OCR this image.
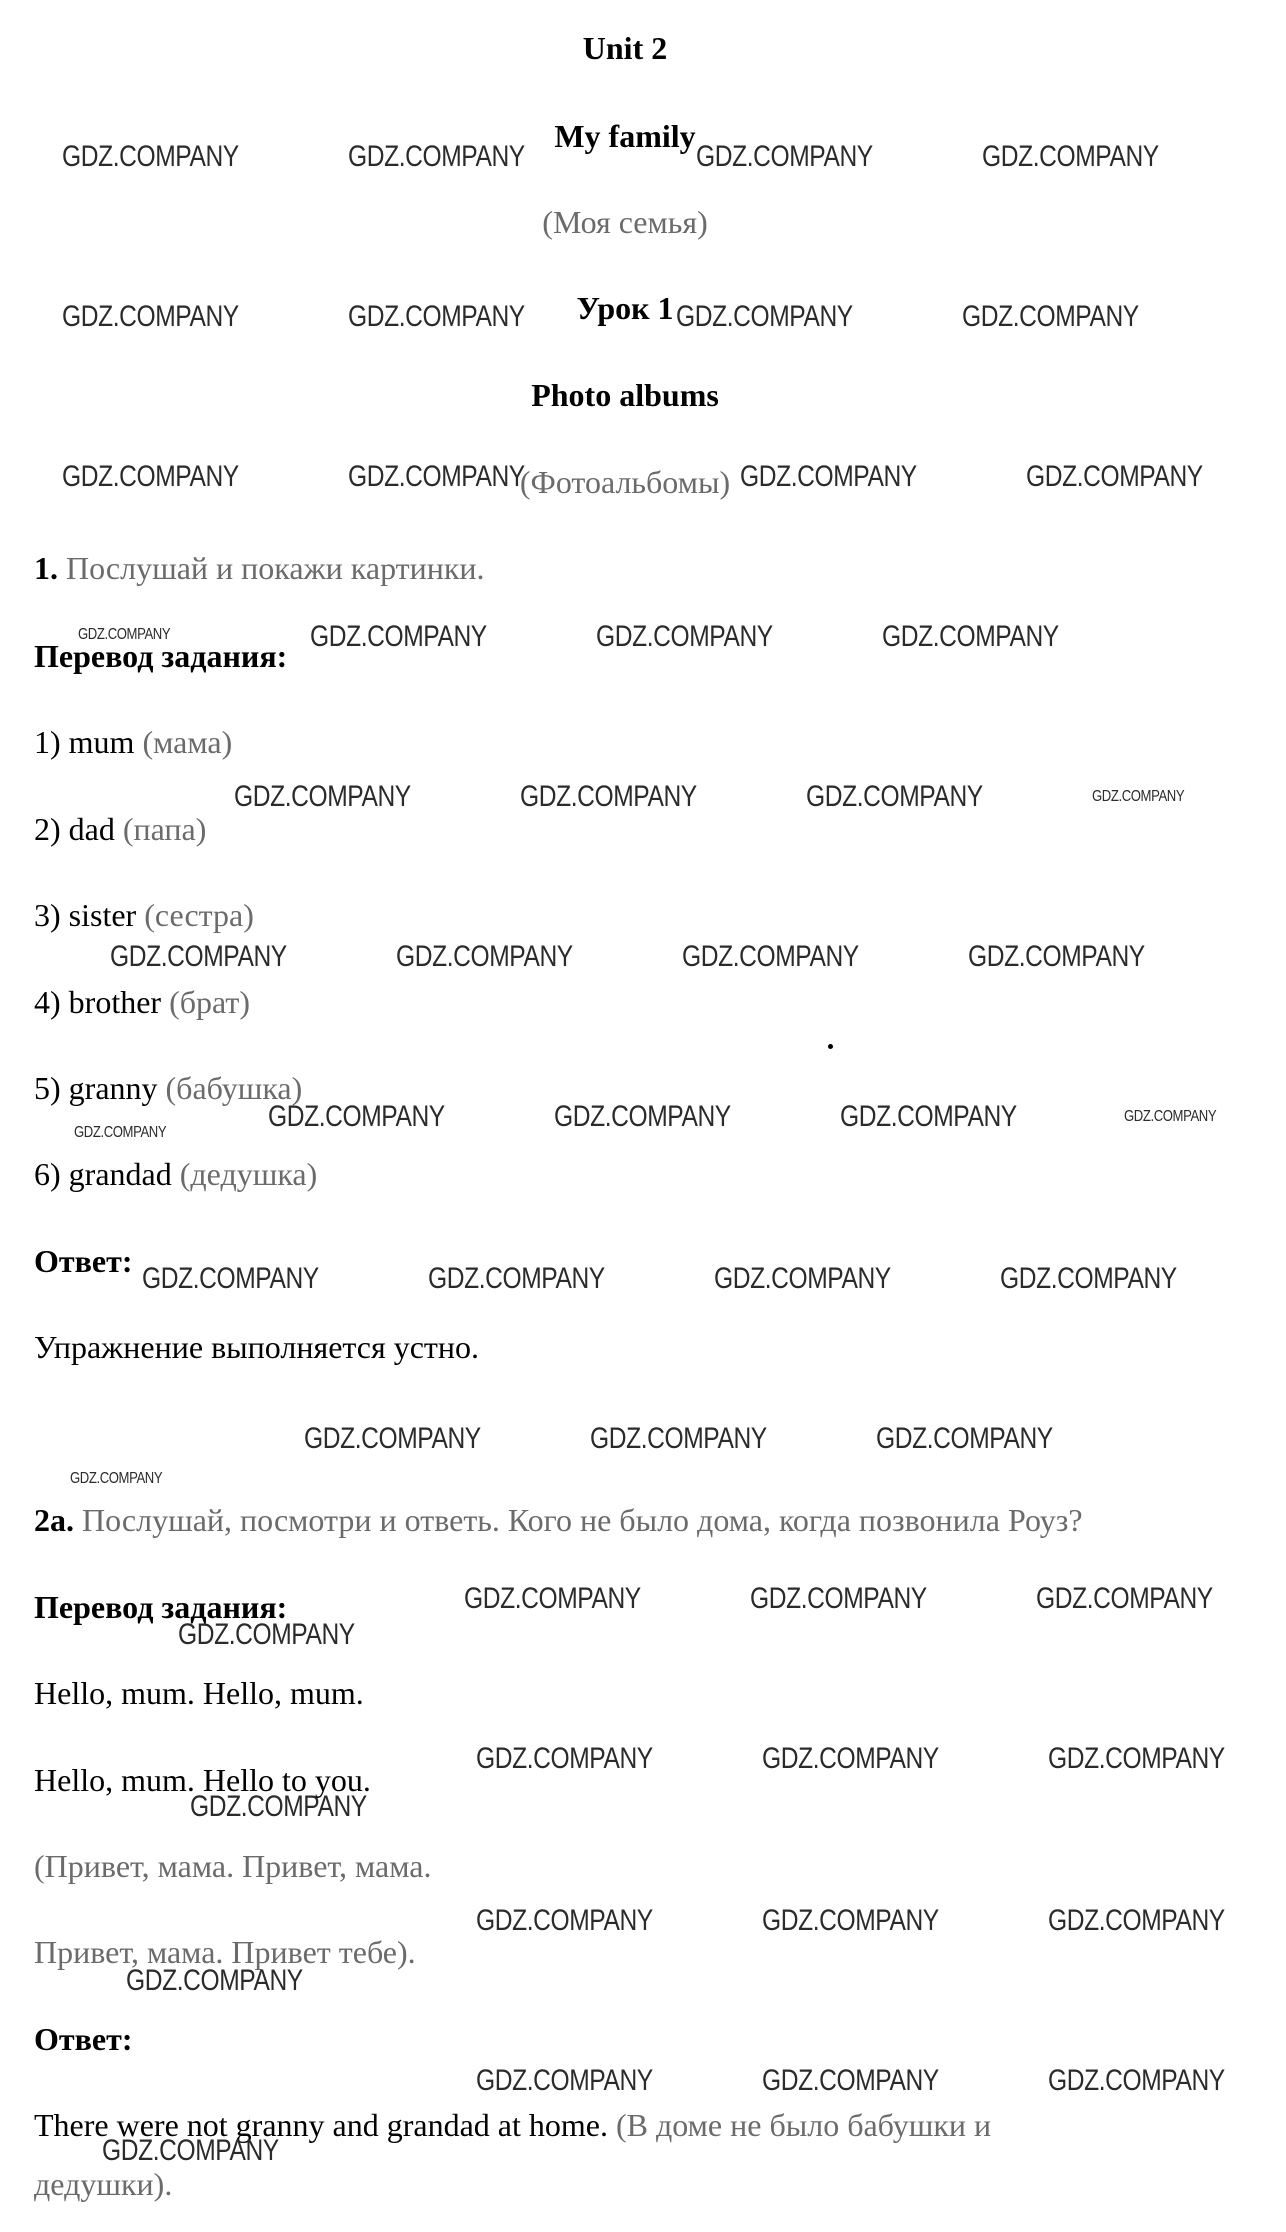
Unit 2
My family
(Моя семья)
Урок 1
Photo albums
(Фотоальбомы)
1. Послушай и покажи картинки.
Перевод задания:
1) mum (мама)
2) dad (папа)
3) sister (сестра)
4) brother (брат)
5) granny (бабушка)
6) grandad (дедушка)
Ответ:
Упражнение выполняется устно.
2a. Послушай, посмотри и ответь. Кого не было дома, когда позвонила Роуз?
Перевод задания:
Hello, mum. Hello, mum.
Hello, mum. Hello to you.
(Привет, мама. Привет, мама.
Привет, мама. Привет тебе).
Ответ:
There were not granny and grandad at home. (В доме не было бабушки и
дедушки).
GDZ.COMPANY	GDZ.COMPANY	GDZ.COMPANY	GDZ.COMPANY
GDZ.COMPANY	GDZ.COMPANY	GDZ.COMPANY	GDZ.COMPANY
GDZ.COMPANY	GDZ.COMPANY	GDZ.COMPANY	GDZ.COMPANY
GDZ.COMPANY	GDZ.COMPANY	GDZ.COMPANY	GDZ.COMPANY
GDZ.COMPANY	GDZ.COMPANY	GDZ.COMPANY	GDZ.COMPANY
GDZ.COMPANY	GDZ.COMPANY	GDZ.COMPANY	GDZ.COMPANY
GDZ.COMPANY	GDZ.COMPANY	GDZ.COMPANY	GDZ.COMPANY	GDZ.COMPANY
GDZ.COMPANY	GDZ.COMPANY	GDZ.COMPANY	GDZ.COMPANY
GDZ.COMPANY
GDZ.COMPANY	GDZ.COMPANY	GDZ.COMPANY
GDZ.COMPANY	GDZ.COMPANY	GDZ.COMPANY
GDZ.COMPANY
GDZ.COMPANY	GDZ.COMPANY	GDZ.COMPANY
GDZ.COMPANY
GDZ.COMPANY	GDZ.COMPANY	GDZ.COMPANY
GDZ.COMPANY
GDZ.COMPANY	GDZ.COMPANY	GDZ.COMPANY
GDZ.COMPANY
